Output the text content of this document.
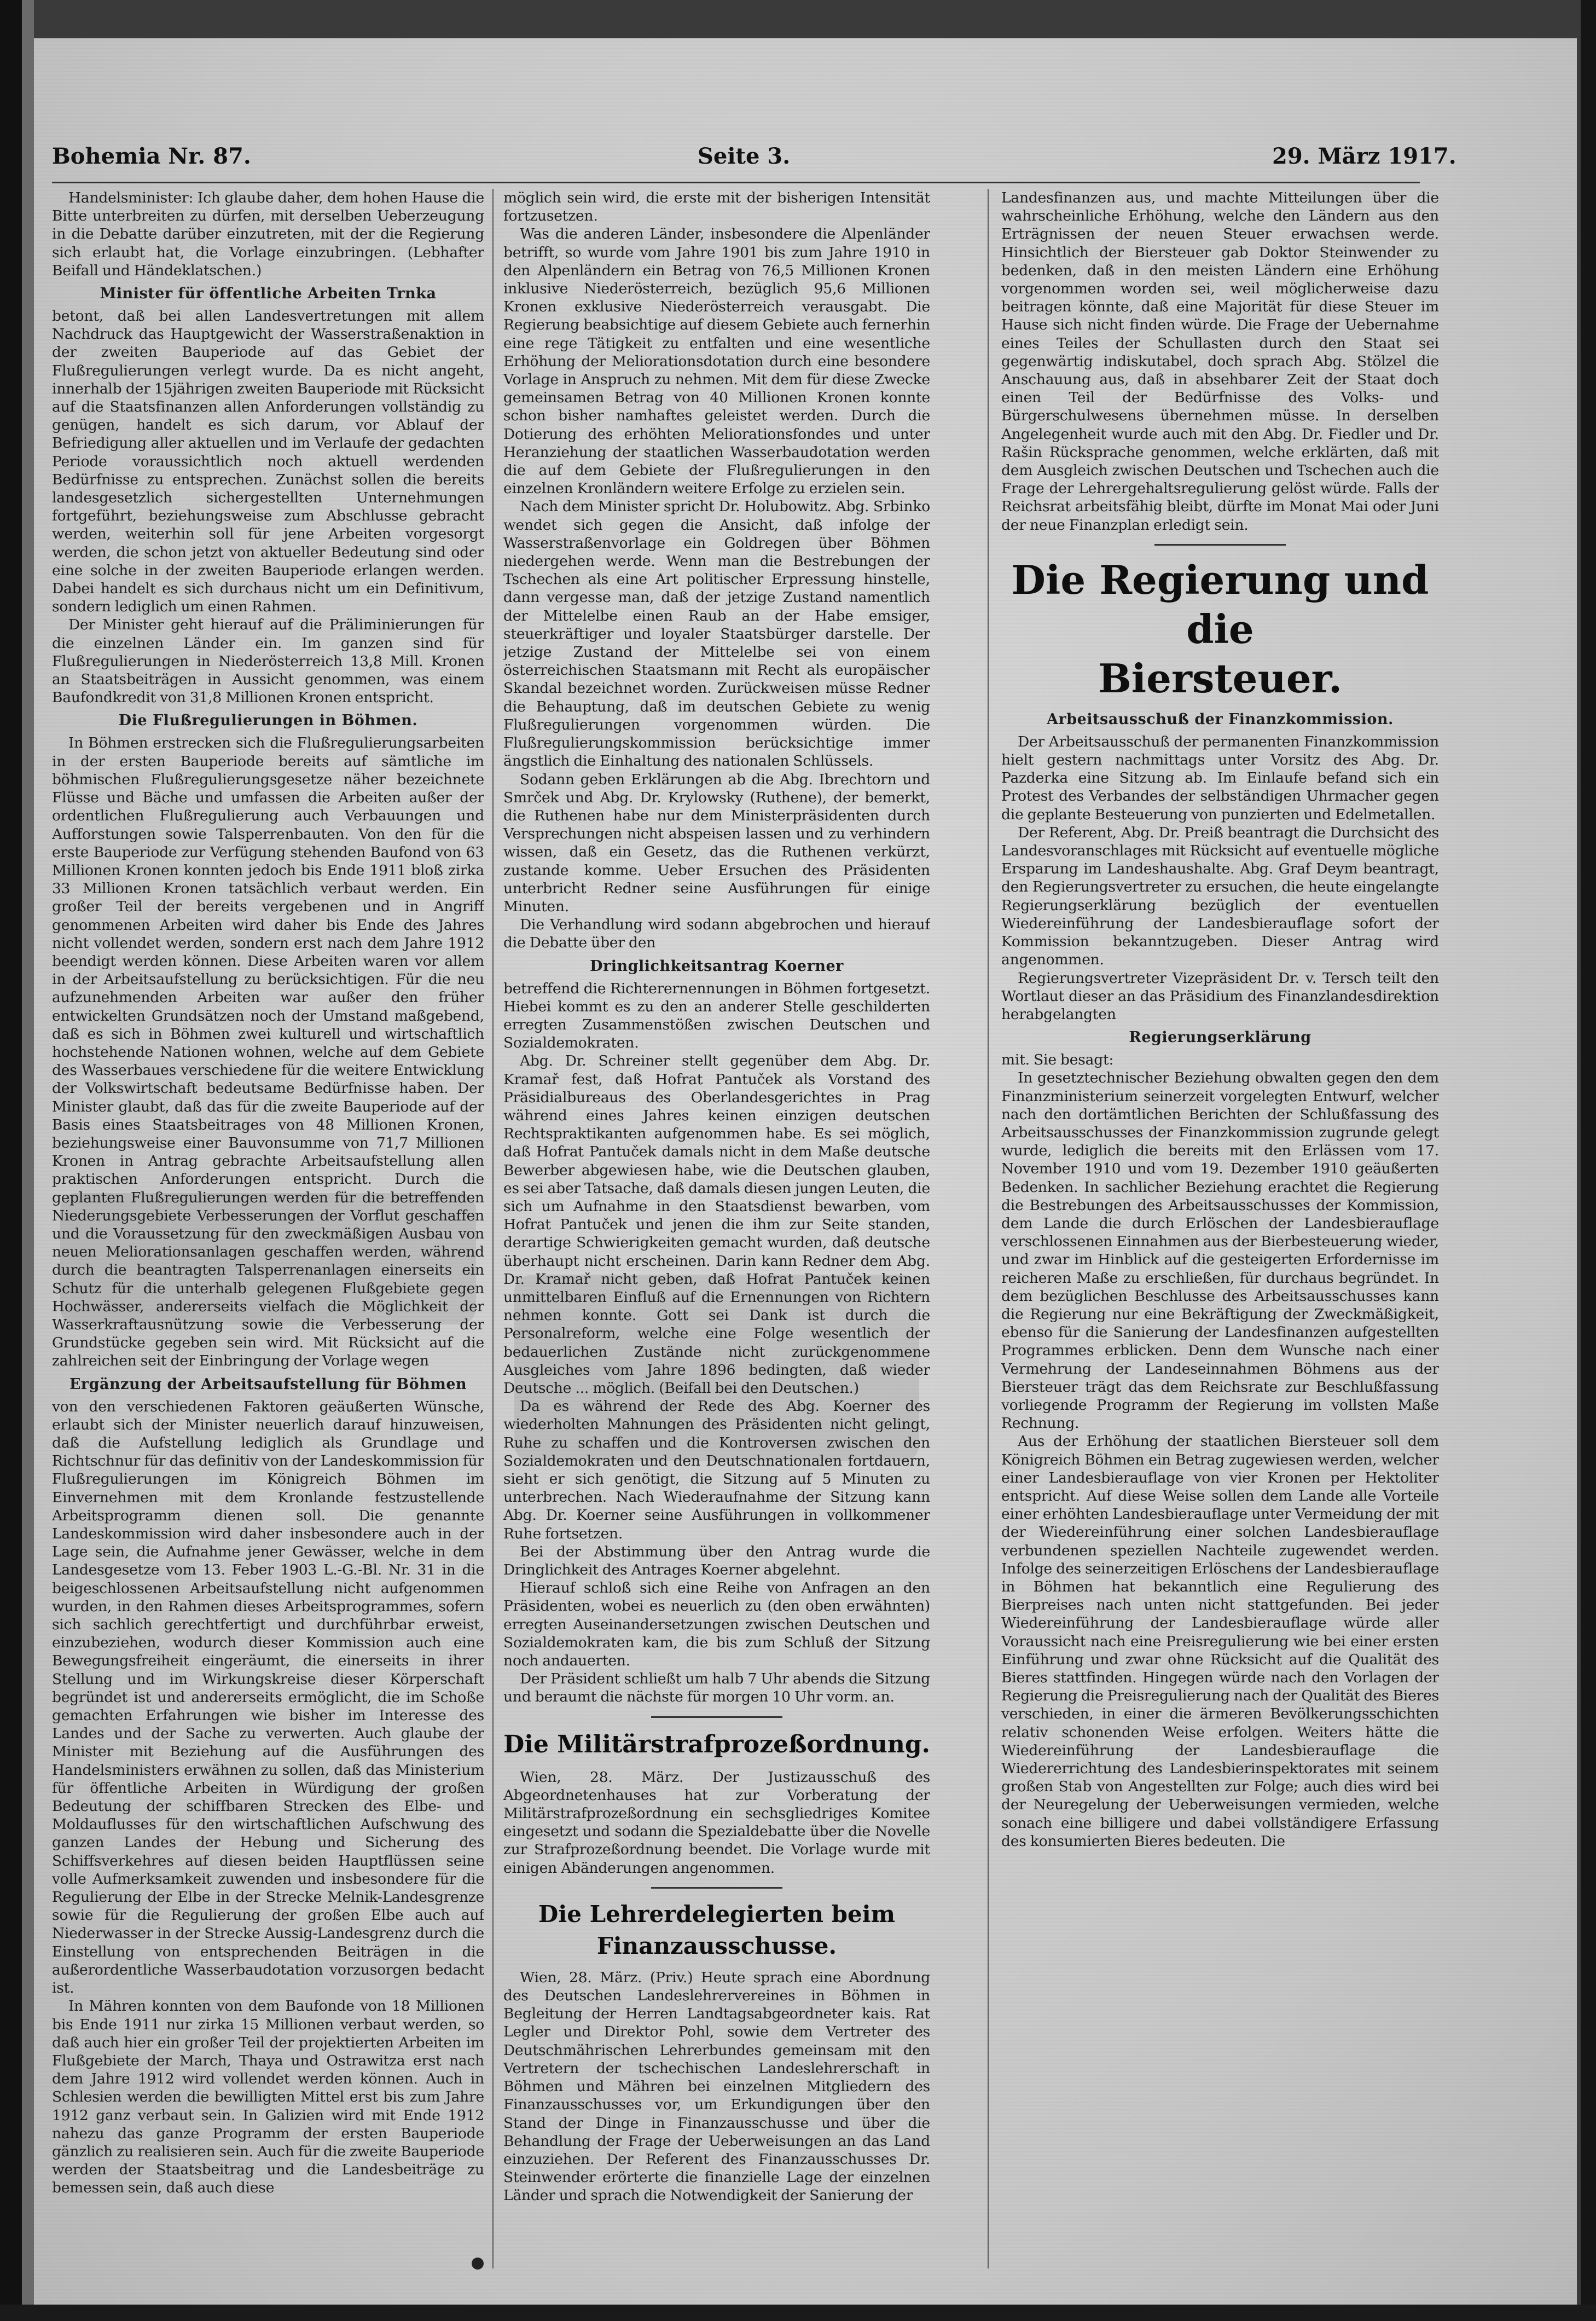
Bohemia Nr. 87.	Seite 3.	29. März 1917.

Handelsminister: Ich glaube daher, dem hohen Hause die Bitte unterbreiten zu dürfen, mit derselben Ueberzeugung in die Debatte darüber einzutreten, mit der die Regierung sich erlaubt hat, die Vorlage einzubringen. (Lebhafter Beifall und Händeklatschen.)

Minister für öffentliche Arbeiten Trnka

betont, daß bei allen Landesvertretungen mit allem Nachdruck das Hauptgewicht der Wasserstraßenaktion in der zweiten Bauperiode auf das Gebiet der Flußregulierungen verlegt wurde. Da es nicht angeht, innerhalb der 15jährigen zweiten Bauperiode mit Rücksicht auf die Staatsfinanzen allen Anforderungen vollständig zu genügen, handelt es sich darum, vor Ablauf der Befriedigung aller aktuellen und im Verlaufe der gedachten Periode voraussichtlich noch aktuell werdenden Bedürfnisse zu entsprechen. Zunächst sollen die bereits landesgesetzlich sichergestellten Unternehmungen fortgeführt, beziehungsweise zum Abschlusse gebracht werden, weiterhin soll für jene Arbeiten vorgesorgt werden, die schon jetzt von aktueller Bedeutung sind oder eine solche in der zweiten Bauperiode erlangen werden. Dabei handelt es sich durchaus nicht um ein Definitivum, sondern lediglich um einen Rahmen.

Der Minister geht hierauf auf die Präliminierungen für die einzelnen Länder ein. Im ganzen sind für Flußregulierungen in Niederösterreich 13,8 Mill. Kronen an Staatsbeiträgen in Aussicht genommen, was einem Baufondkredit von 31,8 Millionen Kronen entspricht.

Die Flußregulierungen in Böhmen.

In Böhmen erstrecken sich die Flußregulierungsarbeiten in der ersten Bauperiode bereits auf sämtliche im böhmischen Flußregulierungsgesetze näher bezeichnete Flüsse und Bäche und umfassen die Arbeiten außer der ordentlichen Flußregulierung auch Verbauungen und Aufforstungen sowie Talsperrenbauten. Von den für die erste Bauperiode zur Verfügung stehenden Baufond von 63 Millionen Kronen konnten jedoch bis Ende 1911 bloß zirka 33 Millionen Kronen tatsächlich verbaut werden. Ein großer Teil der bereits vergebenen und in Angriff genommenen Arbeiten wird daher bis Ende des Jahres nicht vollendet werden, sondern erst nach dem Jahre 1912 beendigt werden können. Diese Arbeiten waren vor allem in der Arbeitsaufstellung zu berücksichtigen. Für die neu aufzunehmenden Arbeiten war außer den früher entwickelten Grundsätzen noch der Umstand maßgebend, daß es sich in Böhmen zwei kulturell und wirtschaftlich hochstehende Nationen wohnen, welche auf dem Gebiete des Wasserbaues verschiedene für die weitere Entwicklung der Volkswirtschaft bedeutsame Bedürfnisse haben. Der Minister glaubt, daß das für die zweite Bauperiode auf der Basis eines Staatsbeitrages von 48 Millionen Kronen, beziehungsweise einer Bauvonsumme von 71,7 Millionen Kronen in Antrag gebrachte Arbeitsaufstellung allen praktischen Anforderungen entspricht. Durch die geplanten Flußregulierungen werden für die betreffenden Niederungsgebiete Verbesserungen der Vorflut geschaffen und die Voraussetzung für den zweckmäßigen Ausbau von neuen Meliorationsanlagen geschaffen werden, während durch die beantragten Talsperrenanlagen einerseits ein Schutz für die unterhalb gelegenen Flußgebiete gegen Hochwässer, andererseits vielfach die Möglichkeit der Wasserkraftausnützung sowie die Verbesserung der Grundstücke gegeben sein wird. Mit Rücksicht auf die zahlreichen seit der Einbringung der Vorlage wegen

Ergänzung der Arbeitsaufstellung für Böhmen

von den verschiedenen Faktoren geäußerten Wünsche, erlaubt sich der Minister neuerlich darauf hinzuweisen, daß die Aufstellung lediglich als Grundlage und Richtschnur für das definitiv von der Landeskommission für Flußregulierungen im Königreich Böhmen im Einvernehmen mit dem Kronlande festzustellende Arbeitsprogramm dienen soll. Die genannte Landeskommission wird daher insbesondere auch in der Lage sein, die Aufnahme jener Gewässer, welche in dem Landesgesetze vom 13. Feber 1903 L.-G.-Bl. Nr. 31 in die beigeschlossenen Arbeitsaufstellung nicht aufgenommen wurden, in den Rahmen dieses Arbeitsprogrammes, sofern sich sachlich gerechtfertigt und durchführbar erweist, einzubeziehen, wodurch dieser Kommission auch eine Bewegungsfreiheit eingeräumt, die einerseits in ihrer Stellung und im Wirkungskreise dieser Körperschaft begründet ist und andererseits ermöglicht, die im Schoße gemachten Erfahrungen wie bisher im Interesse des Landes und der Sache zu verwerten. Auch glaube der Minister mit Beziehung auf die Ausführungen des Handelsministers erwähnen zu sollen, daß das Ministerium für öffentliche Arbeiten in Würdigung der großen Bedeutung der schiffbaren Strecken des Elbe- und Moldauflusses für den wirtschaftlichen Aufschwung des ganzen Landes der Hebung und Sicherung des Schiffsverkehres auf diesen beiden Hauptflüssen seine volle Aufmerksamkeit zuwenden und insbesondere für die Regulierung der Elbe in der Strecke Melnik-Landesgrenze sowie für die Regulierung der großen Elbe auch auf Niederwasser in der Strecke Aussig-Landesgrenz durch die Einstellung von entsprechenden Beiträgen in die außerordentliche Wasserbaudotation vorzusorgen bedacht ist.

In Mähren konnten von dem Baufonde von 18 Millionen bis Ende 1911 nur zirka 15 Millionen verbaut werden, so daß auch hier ein großer Teil der projektierten Arbeiten im Flußgebiete der March, Thaya und Ostrawitza erst nach dem Jahre 1912 wird vollendet werden können. Auch in Schlesien werden die bewilligten Mittel erst bis zum Jahre 1912 ganz verbaut sein. In Galizien wird mit Ende 1912 nahezu das ganze Programm der ersten Bauperiode gänzlich zu realisieren sein. Auch für die zweite Bauperiode werden der Staatsbeitrag und die Landesbeiträge zu bemessen sein, daß auch diese

möglich sein wird, die erste mit der bisherigen Intensität fortzusetzen.

Was die anderen Länder, insbesondere die Alpenländer betrifft, so wurde vom Jahre 1901 bis zum Jahre 1910 in den Alpenländern ein Betrag von 76,5 Millionen Kronen inklusive Niederösterreich, bezüglich 95,6 Millionen Kronen exklusive Niederösterreich verausgabt. Die Regierung beabsichtige auf diesem Gebiete auch fernerhin eine rege Tätigkeit zu entfalten und eine wesentliche Erhöhung der Meliorationsdotation durch eine besondere Vorlage in Anspruch zu nehmen. Mit dem für diese Zwecke gemeinsamen Betrag von 40 Millionen Kronen konnte schon bisher namhaftes geleistet werden. Durch die Dotierung des erhöhten Meliorationsfondes und unter Heranziehung der staatlichen Wasserbaudotation werden die auf dem Gebiete der Flußregulierungen in den einzelnen Kronländern weitere Erfolge zu erzielen sein.

Nach dem Minister spricht Dr. Holubowitz. Abg. Srbinko wendet sich gegen die Ansicht, daß infolge der Wasserstraßenvorlage ein Goldregen über Böhmen niedergehen werde. Wenn man die Bestrebungen der Tschechen als eine Art politischer Erpressung hinstelle, dann vergesse man, daß der jetzige Zustand namentlich der Mittelelbe einen Raub an der Habe emsiger, steuerkräftiger und loyaler Staatsbürger darstelle. Der jetzige Zustand der Mittelelbe sei von einem österreichischen Staatsmann mit Recht als europäischer Skandal bezeichnet worden. Zurückweisen müsse Redner die Behauptung, daß im deutschen Gebiete zu wenig Flußregulierungen vorgenommen würden. Die Flußregulierungskommission berücksichtige immer ängstlich die Einhaltung des nationalen Schlüssels.

Sodann geben Erklärungen ab die Abg. Ibrechtorn und Smrček und Abg. Dr. Krylowsky (Ruthene), der bemerkt, die Ruthenen habe nur dem Ministerpräsidenten durch Versprechungen nicht abspeisen lassen und zu verhindern wissen, daß ein Gesetz, das die Ruthenen verkürzt, zustande komme. Ueber Ersuchen des Präsidenten unterbricht Redner seine Ausführungen für einige Minuten.

Die Verhandlung wird sodann abgebrochen und hierauf die Debatte über den

Dringlichkeitsantrag Koerner

betreffend die Richterernennungen in Böhmen fortgesetzt. Hiebei kommt es zu den an anderer Stelle geschilderten erregten Zusammenstößen zwischen Deutschen und Sozialdemokraten.

Abg. Dr. Schreiner stellt gegenüber dem Abg. Dr. Kramař fest, daß Hofrat Pantuček als Vorstand des Präsidialbureaus des Oberlandesgerichtes in Prag während eines Jahres keinen einzigen deutschen Rechtspraktikanten aufgenommen habe. Es sei möglich, daß Hofrat Pantuček damals nicht in dem Maße deutsche Bewerber abgewiesen habe, wie die Deutschen glauben, es sei aber Tatsache, daß damals diesen jungen Leuten, die sich um Aufnahme in den Staatsdienst bewarben, vom Hofrat Pantuček und jenen die ihm zur Seite standen, derartige Schwierigkeiten gemacht wurden, daß deutsche überhaupt nicht erscheinen. Darin kann Redner dem Abg. Dr. Kramař nicht geben, daß Hofrat Pantuček keinen unmittelbaren Einfluß auf die Ernennungen von Richtern nehmen konnte. Gott sei Dank ist durch die Personalreform, welche eine Folge wesentlich der bedauerlichen Zustände nicht zurückgenommene Ausgleiches vom Jahre 1896 bedingten, daß wieder Deutsche ... möglich. (Beifall bei den Deutschen.)

Da es während der Rede des Abg. Koerner des wiederholten Mahnungen des Präsidenten nicht gelingt, Ruhe zu schaffen und die Kontroversen zwischen den Sozialdemokraten und den Deutschnationalen fortdauern, sieht er sich genötigt, die Sitzung auf 5 Minuten zu unterbrechen. Nach Wiederaufnahme der Sitzung kann Abg. Dr. Koerner seine Ausführungen in vollkommener Ruhe fortsetzen.

Bei der Abstimmung über den Antrag wurde die Dringlichkeit des Antrages Koerner abgelehnt.

Hierauf schloß sich eine Reihe von Anfragen an den Präsidenten, wobei es neuerlich zu (den oben erwähnten) erregten Auseinandersetzungen zwischen Deutschen und Sozialdemokraten kam, die bis zum Schluß der Sitzung noch andauerten.

Der Präsident schließt um halb 7 Uhr abends die Sitzung und beraumt die nächste für morgen 10 Uhr vorm. an.

Die Militärstrafprozeßordnung.

Wien, 28. März. Der Justizausschuß des Abgeordnetenhauses hat zur Vorberatung der Militärstrafprozeßordnung ein sechsgliedriges Komitee eingesetzt und sodann die Spezialdebatte über die Novelle zur Strafprozeßordnung beendet. Die Vorlage wurde mit einigen Abänderungen angenommen.

Die Lehrerdelegierten beim Finanzausschusse.

Wien, 28. März. (Priv.) Heute sprach eine Abordnung des Deutschen Landeslehrervereines in Böhmen in Begleitung der Herren Landtagsabgeordneter kais. Rat Legler und Direktor Pohl, sowie dem Vertreter des Deutschmährischen Lehrerbundes gemeinsam mit den Vertretern der tschechischen Landeslehrerschaft in Böhmen und Mähren bei einzelnen Mitgliedern des Finanzausschusses vor, um Erkundigungen über den Stand der Dinge in Finanzausschusse und über die Behandlung der Frage der Ueberweisungen an das Land einzuziehen. Der Referent des Finanzausschusses Dr. Steinwender erörterte die finanzielle Lage der einzelnen Länder und sprach die Notwendigkeit der Sanierung der

Landesfinanzen aus, und machte Mitteilungen über die wahrscheinliche Erhöhung, welche den Ländern aus den Erträgnissen der neuen Steuer erwachsen werde. Hinsichtlich der Biersteuer gab Doktor Steinwender zu bedenken, daß in den meisten Ländern eine Erhöhung vorgenommen worden sei, weil möglicherweise dazu beitragen könnte, daß eine Majorität für diese Steuer im Hause sich nicht finden würde. Die Frage der Uebernahme eines Teiles der Schullasten durch den Staat sei gegenwärtig indiskutabel, doch sprach Abg. Stölzel die Anschauung aus, daß in absehbarer Zeit der Staat doch einen Teil der Bedürfnisse des Volks- und Bürgerschulwesens übernehmen müsse. In derselben Angelegenheit wurde auch mit den Abg. Dr. Fiedler und Dr. Rašin Rücksprache genommen, welche erklärten, daß mit dem Ausgleich zwischen Deutschen und Tschechen auch die Frage der Lehrergehaltsregulierung gelöst würde. Falls der Reichsrat arbeitsfähig bleibt, dürfte im Monat Mai oder Juni der neue Finanzplan erledigt sein.

Die Regierung und die
Biersteuer.
Arbeitsausschuß der Finanzkommission.

Der Arbeitsausschuß der permanenten Finanzkommission hielt gestern nachmittags unter Vorsitz des Abg. Dr. Pazderka eine Sitzung ab. Im Einlaufe befand sich ein Protest des Verbandes der selbständigen Uhrmacher gegen die geplante Besteuerung von punzierten und Edelmetallen.

Der Referent, Abg. Dr. Preiß beantragt die Durchsicht des Landesvoranschlages mit Rücksicht auf eventuelle mögliche Ersparung im Landeshaushalte. Abg. Graf Deym beantragt, den Regierungsvertreter zu ersuchen, die heute eingelangte Regierungserklärung bezüglich der eventuellen Wiedereinführung der Landesbierauflage sofort der Kommission bekanntzugeben. Dieser Antrag wird angenommen.

Regierungsvertreter Vizepräsident Dr. v. Tersch teilt den Wortlaut dieser an das Präsidium des Finanzlandesdirektion herabgelangten

Regierungserklärung

mit. Sie besagt:

In gesetztechnischer Beziehung obwalten gegen den dem Finanzministerium seinerzeit vorgelegten Entwurf, welcher nach den dortämtlichen Berichten der Schlußfassung des Arbeitsausschusses der Finanzkommission zugrunde gelegt wurde, lediglich die bereits mit den Erlässen vom 17. November 1910 und vom 19. Dezember 1910 geäußerten Bedenken. In sachlicher Beziehung erachtet die Regierung die Bestrebungen des Arbeitsausschusses der Kommission, dem Lande die durch Erlöschen der Landesbierauflage verschlossenen Einnahmen aus der Bierbesteuerung wieder, und zwar im Hinblick auf die gesteigerten Erfordernisse im reicheren Maße zu erschließen, für durchaus begründet. In dem bezüglichen Beschlusse des Arbeitsausschusses kann die Regierung nur eine Bekräftigung der Zweckmäßigkeit, ebenso für die Sanierung der Landesfinanzen aufgestellten Programmes erblicken. Denn dem Wunsche nach einer Vermehrung der Landeseinnahmen Böhmens aus der Biersteuer trägt das dem Reichsrate zur Beschlußfassung vorliegende Programm der Regierung im vollsten Maße Rechnung.

Aus der Erhöhung der staatlichen Biersteuer soll dem Königreich Böhmen ein Betrag zugewiesen werden, welcher einer Landesbierauflage von vier Kronen per Hektoliter entspricht. Auf diese Weise sollen dem Lande alle Vorteile einer erhöhten Landesbierauflage unter Vermeidung der mit der Wiedereinführung einer solchen Landesbierauflage verbundenen speziellen Nachteile zugewendet werden. Infolge des seinerzeitigen Erlöschens der Landesbierauflage in Böhmen hat bekanntlich eine Regulierung des Bierpreises nach unten nicht stattgefunden. Bei jeder Wiedereinführung der Landesbierauflage würde aller Voraussicht nach eine Preisregulierung wie bei einer ersten Einführung und zwar ohne Rücksicht auf die Qualität des Bieres stattfinden. Hingegen würde nach den Vorlagen der Regierung die Preisregulierung nach der Qualität des Bieres verschieden, in einer die ärmeren Bevölkerungsschichten relativ schonenden Weise erfolgen. Weiters hätte die Wiedereinführung der Landesbierauflage die Wiedererrichtung des Landesbierinspektorates mit seinem großen Stab von Angestellten zur Folge; auch dies wird bei der Neuregelung der Ueberweisungen vermieden, welche sonach eine billigere und dabei vollständigere Erfassung des konsumierten Bieres bedeuten. Die
